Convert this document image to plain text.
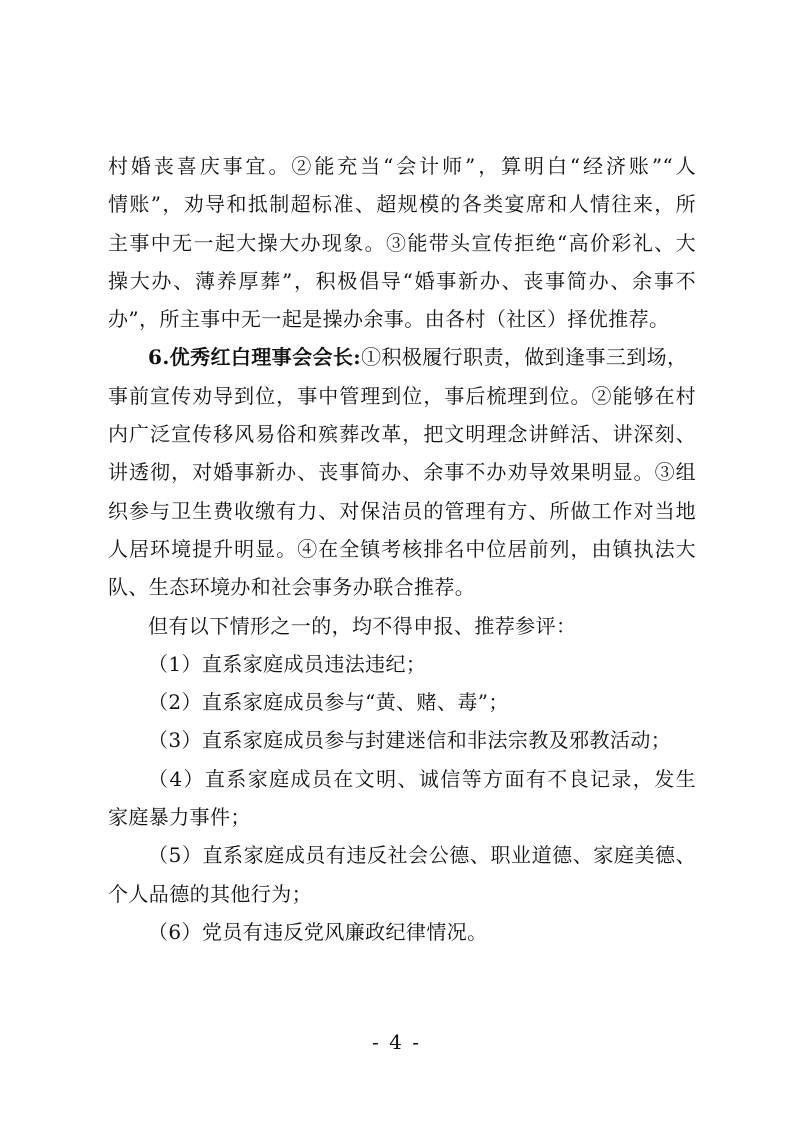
村婚丧喜庆事宜。②能充当“会计师”，算明白“经济账”“人
情账”，劝导和抵制超标准、超规模的各类宴席和人情往来，所
主事中无一起大操大办现象。③能带头宣传拒绝“高价彩礼、大
操大办、薄养厚葬”，积极倡导“婚事新办、丧事简办、余事不
办”，所主事中无一起是操办余事。由各村（社区）择优推荐。
6.优秀红白理事会会长:①积极履行职责，做到逢事三到场，
事前宣传劝导到位，事中管理到位，事后梳理到位。②能够在村
内广泛宣传移风易俗和殡葬改革，把文明理念讲鲜活、讲深刻、
讲透彻，对婚事新办、丧事简办、余事不办劝导效果明显。③组
织参与卫生费收缴有力、对保洁员的管理有方、所做工作对当地
人居环境提升明显。④在全镇考核排名中位居前列，由镇执法大
队、生态环境办和社会事务办联合推荐。
但有以下情形之一的，均不得申报、推荐参评：
（1）直系家庭成员违法违纪；
（2）直系家庭成员参与“黄、赌、毒”；
（3）直系家庭成员参与封建迷信和非法宗教及邪教活动；
（4）直系家庭成员在文明、诚信等方面有不良记录，发生
家庭暴力事件；
（5）直系家庭成员有违反社会公德、职业道德、家庭美德、
个人品德的其他行为；
（6）党员有违反党风廉政纪律情况。
- 4 -
